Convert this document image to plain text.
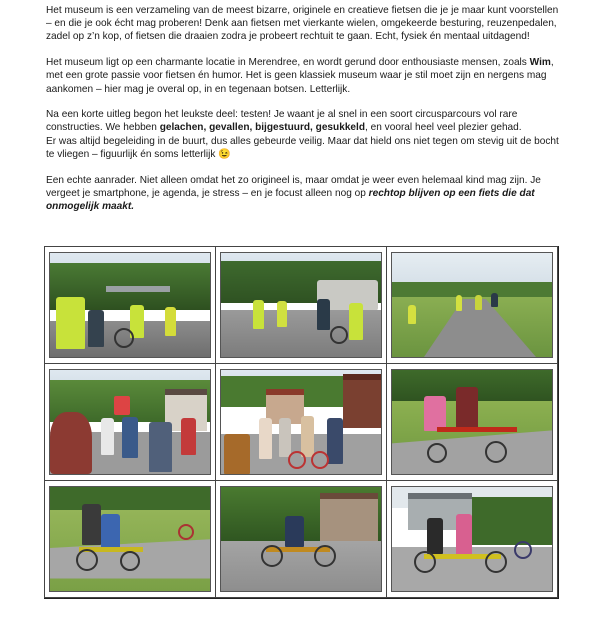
Het museum is een verzameling van de meest bizarre, originele en creatieve fietsen die je je maar kunt voorstellen – en die je ook écht mag proberen! Denk aan fietsen met vierkante wielen, omgekeerde besturing, reuzenpedalen, zadel op z’n kop, of fietsen die draaien zodra je probeert rechtuit te gaan. Echt, fysiek én mentaal uitdagend!

Het museum ligt op een charmante locatie in Merendree, en wordt gerund door enthousiaste mensen, zoals Wim, met een grote passie voor fietsen én humor. Het is geen klassiek museum waar je stil moet zijn en nergens mag aankomen – hier mag je overal op, in en tegenaan botsen. Letterlijk.

Na een korte uitleg begon het leukste deel: testen! Je waant je al snel in een soort circusparcours vol rare constructies. We hebben gelachen, gevallen, bijgestuurd, gesukkeld, en vooral heel veel plezier gehad.
Er was altijd begeleiding in de buurt, dus alles gebeurde veilig. Maar dat hield ons niet tegen om stevig uit de bocht te vliegen – figuurlijk én soms letterlijk 😉

Een echte aanrader. Niet alleen omdat het zo origineel is, maar omdat je weer even helemaal kind mag zijn. Je vergeet je smartphone, je agenda, je stress – en je focust alleen nog op rechtop blijven op een fiets die dat onmogelijk maakt.
